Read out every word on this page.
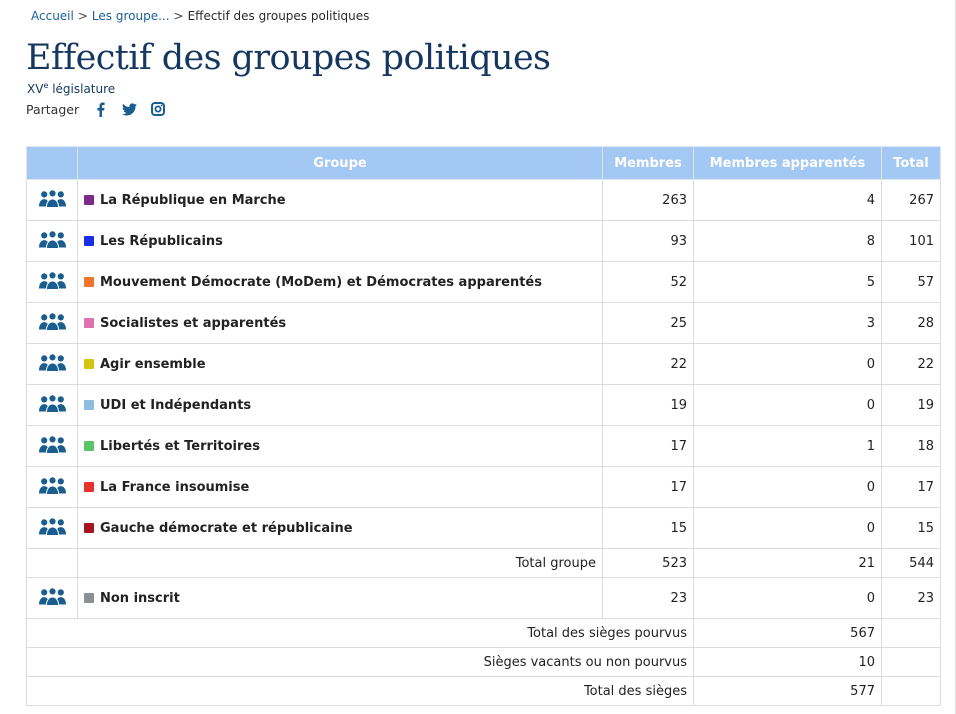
Accueil > Les groupe... > Effectif des groupes politiques
Effectif des groupes politiques
XVe législature
Partager
	Groupe	Membres	Membres apparentés	Total
	La République en Marche	263	4	267
	Les Républicains	93	8	101
	Mouvement Démocrate (MoDem) et Démocrates apparentés	52	5	57
	Socialistes et apparentés	25	3	28
	Agir ensemble	22	0	22
	UDI et Indépendants	19	0	19
	Libertés et Territoires	17	1	18
	La France insoumise	17	0	17
	Gauche démocrate et républicaine	15	0	15
	Total groupe	523	21	544
	Non inscrit	23	0	23
Total des sièges pourvus			567	
Sièges vacants ou non pourvus			10	
Total des sièges			577	
